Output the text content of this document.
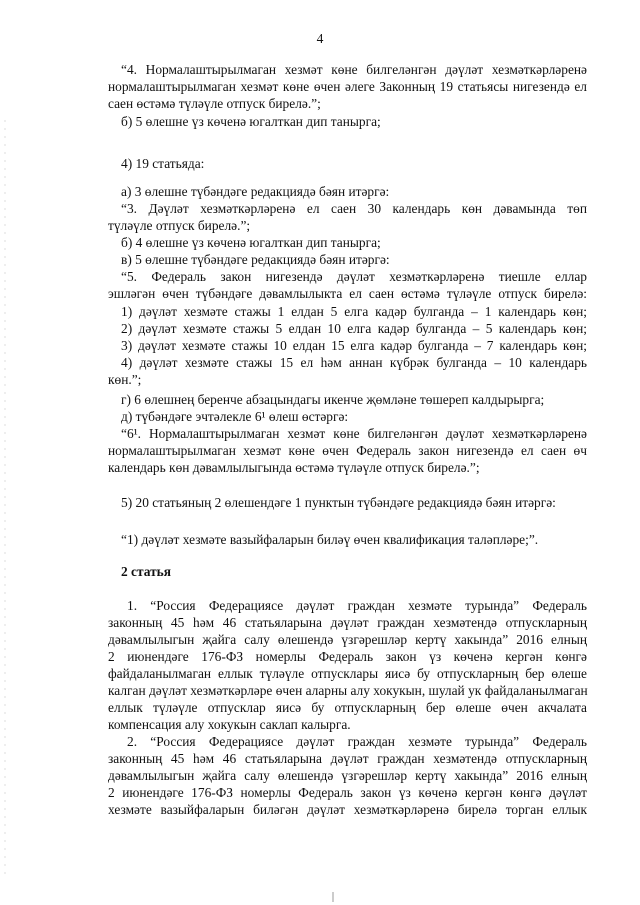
4
“4. Нормалаштырылмаган хезмәт көне билгеләнгән дәүләт хезмәткәрләренә
нормалаштырылмаган хезмәт көне өчен әлеге Законның 19 статьясы нигезендә ел
саен өстәмә түләүле отпуск бирелә.”;
б) 5 өлешне үз көченә югалткан дип танырга;
4) 19 статьяда:
а) 3 өлешне түбәндәге редакциядә бәян итәргә:
“3. Дәүләт хезмәткәрләренә ел саен 30 календарь көн дәвамында төп
түләүле отпуск бирелә.”;
б) 4 өлешне үз көченә югалткан дип танырга;
в) 5 өлешне түбәндәге редакциядә бәян итәргә:
“5. Федераль закон нигезендә дәүләт хезмәткәрләренә тиешле еллар
эшләгән өчен түбәндәге дәвамлылыкта ел саен өстәмә түләүле отпуск бирелә:
1) дәүләт хезмәте стажы 1 елдан 5 елга кадәр булганда – 1 календарь көн;
2) дәүләт хезмәте стажы 5 елдан 10 елга кадәр булганда – 5 календарь көн;
3) дәүләт хезмәте стажы 10 елдан 15 елга кадәр булганда – 7 календарь көн;
4) дәүләт хезмәте стажы 15 ел һәм аннан күбрәк булганда – 10 календарь
көн.”;
г) 6 өлешнең беренче абзацындагы икенче җөмләне төшереп калдырырга;
д) түбәндәге эчтәлекле 6¹ өлеш өстәргә:
“6¹. Нормалаштырылмаган хезмәт көне билгеләнгән дәүләт хезмәткәрләренә
нормалаштырылмаган хезмәт көне өчен Федераль закон нигезендә ел саен өч
календарь көн дәвамлылыгында өстәмә түләүле отпуск бирелә.”;
5) 20 статьяның 2 өлешендәге 1 пунктын түбәндәге редакциядә бәян итәргә:
“1) дәүләт хезмәте вазыйфаларын биләү өчен квалификация таләпләре;”.
2 статья
1. “Россия Федерациясе дәүләт граждан хезмәте турында” Федераль
законның 45 һәм 46 статьяларына дәүләт граждан хезмәтендә отпускларның
дәвамлылыгын җайга салу өлешендә үзгәрешләр кертү хакында” 2016 елның
2 июнендәге 176-ФЗ номерлы Федераль закон үз көченә кергән көнгә
файдаланылмаган еллык түләүле отпусклары яисә бу отпускларның бер өлеше
калган дәүләт хезмәткәрләре өчен аларны алу хокукын, шулай ук файдаланылмаган
еллык түләүле отпусклар яисә бу отпускларның бер өлеше өчен акчалата
компенсация алу хокукын саклап калырга.
2. “Россия Федерациясе дәүләт граждан хезмәте турында” Федераль
законның 45 һәм 46 статьяларына дәүләт граждан хезмәтендә отпускларның
дәвамлылыгын җайга салу өлешендә үзгәрешләр кертү хакында” 2016 елның
2 июнендәге 176-ФЗ номерлы Федераль закон үз көченә кергән көнгә дәүләт
хезмәте вазыйфаларын биләгән дәүләт хезмәткәрләренә бирелә торган еллык
